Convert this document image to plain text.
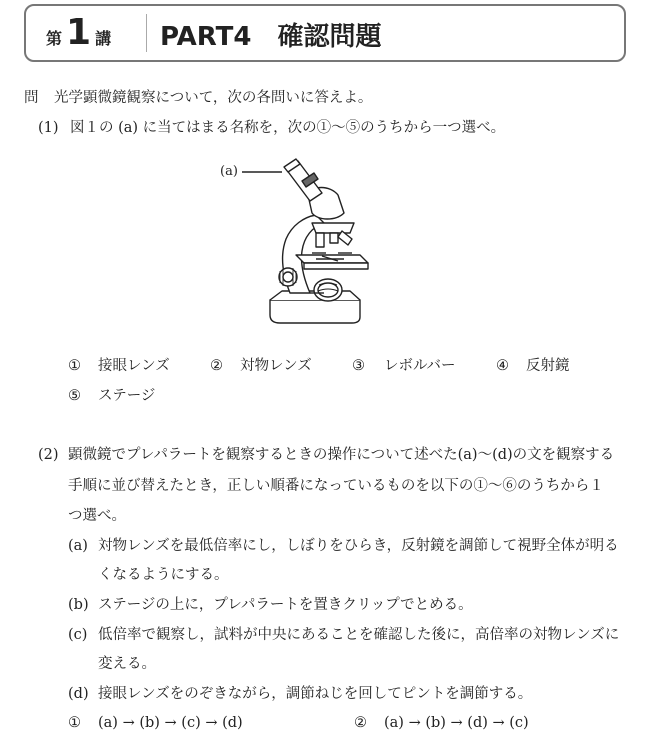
第 1 講 PART4　確認問題
問 光学顕微鏡観察について，次の各問いに答えよ。
(1) 図１の (a) に当てはまる名称を，次の①～⑤のうちから一つ選べ。
(a)
① 接眼レンズ	② 対物レンズ	③ レボルバー	④ 反射鏡
⑤ ステージ
(2) 顕微鏡でプレパラートを観察するときの操作について述べた(a)～(d)の文を観察する
手順に並び替えたとき，正しい順番になっているものを以下の①～⑥のうちから１
つ選べ。
(a) 対物レンズを最低倍率にし，しぼりをひらき，反射鏡を調節して視野全体が明る
くなるようにする。
(b) ステージの上に，プレパラートを置きクリップでとめる。
(c) 低倍率で観察し，試料が中央にあることを確認した後に，高倍率の対物レンズに
変える。
(d) 接眼レンズをのぞきながら，調節ねじを回してピントを調節する。
① (a) → (b) → (c) → (d)	② (a) → (b) → (d) → (c)
